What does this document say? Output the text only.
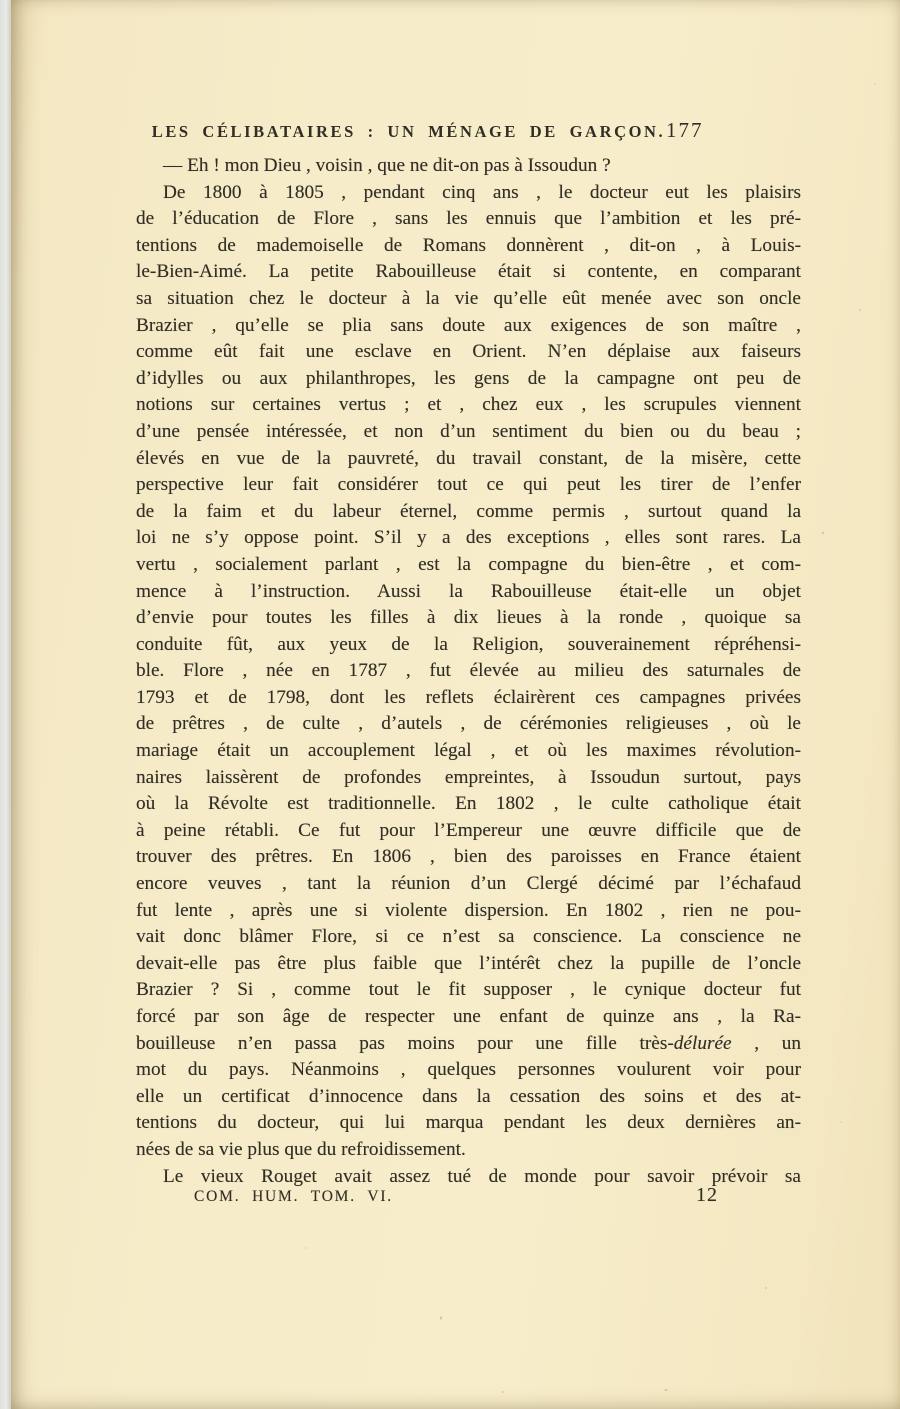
LES CÉLIBATAIRES : UN MÉNAGE DE GARÇON. 177
— Eh ! mon Dieu , voisin , que ne dit-on pas à Issoudun ?
De 1800 à 1805 , pendant cinq ans , le docteur eut les plaisirs
de l’éducation de Flore , sans les ennuis que l’ambition et les pré-
tentions de mademoiselle de Romans donnèrent , dit-on , à Louis-
le-Bien-Aimé. La petite Rabouilleuse était si contente, en comparant
sa situation chez le docteur à la vie qu’elle eût menée avec son oncle
Brazier , qu’elle se plia sans doute aux exigences de son maître ,
comme eût fait une esclave en Orient. N’en déplaise aux faiseurs
d’idylles ou aux philanthropes, les gens de la campagne ont peu de
notions sur certaines vertus ; et , chez eux , les scrupules viennent
d’une pensée intéressée, et non d’un sentiment du bien ou du beau ;
élevés en vue de la pauvreté, du travail constant, de la misère, cette
perspective leur fait considérer tout ce qui peut les tirer de l’enfer
de la faim et du labeur éternel, comme permis , surtout quand la
loi ne s’y oppose point. S’il y a des exceptions , elles sont rares. La
vertu , socialement parlant , est la compagne du bien-être , et com-
mence à l’instruction. Aussi la Rabouilleuse était-elle un objet
d’envie pour toutes les filles à dix lieues à la ronde , quoique sa
conduite fût, aux yeux de la Religion, souverainement répréhensi-
ble. Flore , née en 1787 , fut élevée au milieu des saturnales de
1793 et de 1798, dont les reflets éclairèrent ces campagnes privées
de prêtres , de culte , d’autels , de cérémonies religieuses , où le
mariage était un accouplement légal , et où les maximes révolution-
naires laissèrent de profondes empreintes, à Issoudun surtout, pays
où la Révolte est traditionnelle. En 1802 , le culte catholique était
à peine rétabli. Ce fut pour l’Empereur une œuvre difficile que de
trouver des prêtres. En 1806 , bien des paroisses en France étaient
encore veuves , tant la réunion d’un Clergé décimé par l’échafaud
fut lente , après une si violente dispersion. En 1802 , rien ne pou-
vait donc blâmer Flore, si ce n’est sa conscience. La conscience ne
devait-elle pas être plus faible que l’intérêt chez la pupille de l’oncle
Brazier ? Si , comme tout le fit supposer , le cynique docteur fut
forcé par son âge de respecter une enfant de quinze ans , la Ra-
bouilleuse n’en passa pas moins pour une fille très-délurée , un
mot du pays. Néanmoins , quelques personnes voulurent voir pour
elle un certificat d’innocence dans la cessation des soins et des at-
tentions du docteur, qui lui marqua pendant les deux dernières an-
nées de sa vie plus que du refroidissement.
Le vieux Rouget avait assez tué de monde pour savoir prévoir sa
COM. HUM. TOM. VI.	12
